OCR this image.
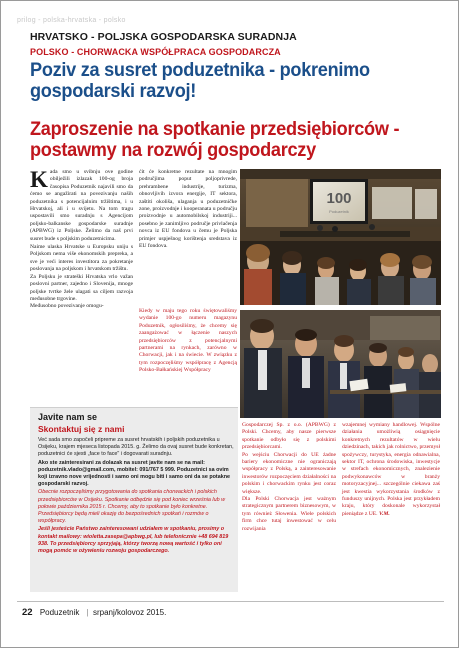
prilog - polska-hrvatska - polsko
HRVATSKO - POLJSKA GOSPODARSKA SURADNJA
POLSKO - CHORWACKA WSPÓŁPRACA GOSPODARCZA
Poziv za susret poduzetnika - pokrenimo gospodarski razvoj!
Zaproszenie na spotkanie przedsiębiorców - postawmy na rozwój gospodarczy
K ada smo u svibnju ove godine obilježili izlazak 100-og broja časopisa Poduzetnik najavili smo da ćemo se angažirati na povezivanju naših poduzetnika s potencijalnim tržištima, i u Hrvatskoj, ali i u svijetu. Na tom tragu uspostavili smo suradnju s Agencijom poljsko-balkanske gospodarske suradnje (APBWG) iz Poljske. Želimo da naš prvi susret bude s poljskim poduzetnicima.
Naime ulaska Hrvatske u Europsku uniju s Poljskom nema više ekonomskih prepreka, a sve je veći interes investitora za pokretanje poslovanja na poljskom i hrvatskom tržištu.
Za Poljsku je strateški Hrvatska vrlo važan poslovni partner, zajedno i Slovenija, mnoge poljske tvrtke žele ulagati sa ciljem razvoja međusobne trgovine.
Međusobno povezivanje omogu-
ćit će konkretne rezultate na mnogim područjima poput poljoprivrede, prehrambene industrije, turizma, obnovljivih izvora energije, IT sektora, zaštiti okoliša, ulaganja u poduzetničke zone, proizvodnje i kooperanata u području proizvodnje u automobilskoj industriji... posebno je zanimljivo područje privlačenja novca iz EU fondova u čemu je Poljska primjer uspješnog korištenja sredstava iz EU fondova.
Kiedy w maju tego roku świętowaliśmy wydanie 100-go numeru magazynu Poduzetnik, ogłosiliśmy, że chcemy się zaangażować w łączenie naszych przedsiębiorców z potencjalnymi partnerami na rynkach, zarówno w Chorwacji, jak i na świecie. W związku z tym rozpoczęliśmy współpracę z Agencją Polsko-Bałkańskiej Współpracy
100
Poduzetnik
Javite nam se
Skontaktuj się z nami

Već sada smo započeli pripreme za susret hrvatskih i poljskih poduzetnika u Osijeku, krajem mjeseca listopada 2015. g. Želimo da ovaj susret bude konkretan, poduzetnici će sjesti „face to face" i dogovarati suradnju.

Ako ste zainteresirani za dolazak na susret javite nam se na mail: poduzetnik.vlado@gmail.com, mobitel: 091/767 5 999. Poduzetnici sa ovim koji izravno nove vrijednosti i samo oni mogu biti i samo oni da se potakne gospodarski razvoj.

Obecnie rozpoczęliśmy przygotowania do spotkania chorwackich i polskich przedsiębiorców w Osijeku. Spotkanie odbędzie się pod koniec września lub w połowie października 2015 r. Chcemy, aby to spotkanie było konkretne. Przedsiębiorcy będą mieli okazję do bezpośrednich spotkań i rozmów o współpracy.

Jeśli jesteście Państwo zainteresowani udziałem w spotkaniu, prosimy o kontakt mailowy: wioletta.zasepa@apbwg.pl, lub telefonicznie +48 694 819 938. To przedsiębiorcy sprzyjają, którzy tworzą nową wartość i tylko oni mogą pomóc w ożywieniu rozwoju gospodarczego.

Gospodarczej Sp. z o.o. (APBWG) z Polski. Chcemy, aby nasze pierwsze spotkanie odbyło się z polskimi przedsiębiorcami.
Po wejściu Chorwacji do UE żadne bariery ekonomiczne nie ograniczają współpracy z Polską, a zainteresowanie inwestorów rozpoczęciem działalności na polskim i chorwackim rynku jest coraz większe.
Dla Polski Chorwacja jest ważnym strategicznym partnerem biznesowym, w tym również Słowenia. Wiele polskich firm chce tutaj inwestować w celu rozwijania
wzajemnej wymiany handlowej. Wspólne działania umożliwią osiągnięcie konkretnych rezultatów w wielu dziedzinach, takich jak rolnictwo, przemysł spożywczy, turystyka, energia odnawialna, sektor IT, ochrona środowiska, inwestycje w strefach ekonomicznych, znalezienie podwykonawców w branży motoryzacyjnej... szczególnie ciekawa zaś jest kwestia wykorzystania środków z funduszy unijnych. Polska jest przykładem kraju, który doskonale wykorzystał pieniądze z UE. V.M.
22 Poduzetnik | srpanj/kolovoz 2015.
